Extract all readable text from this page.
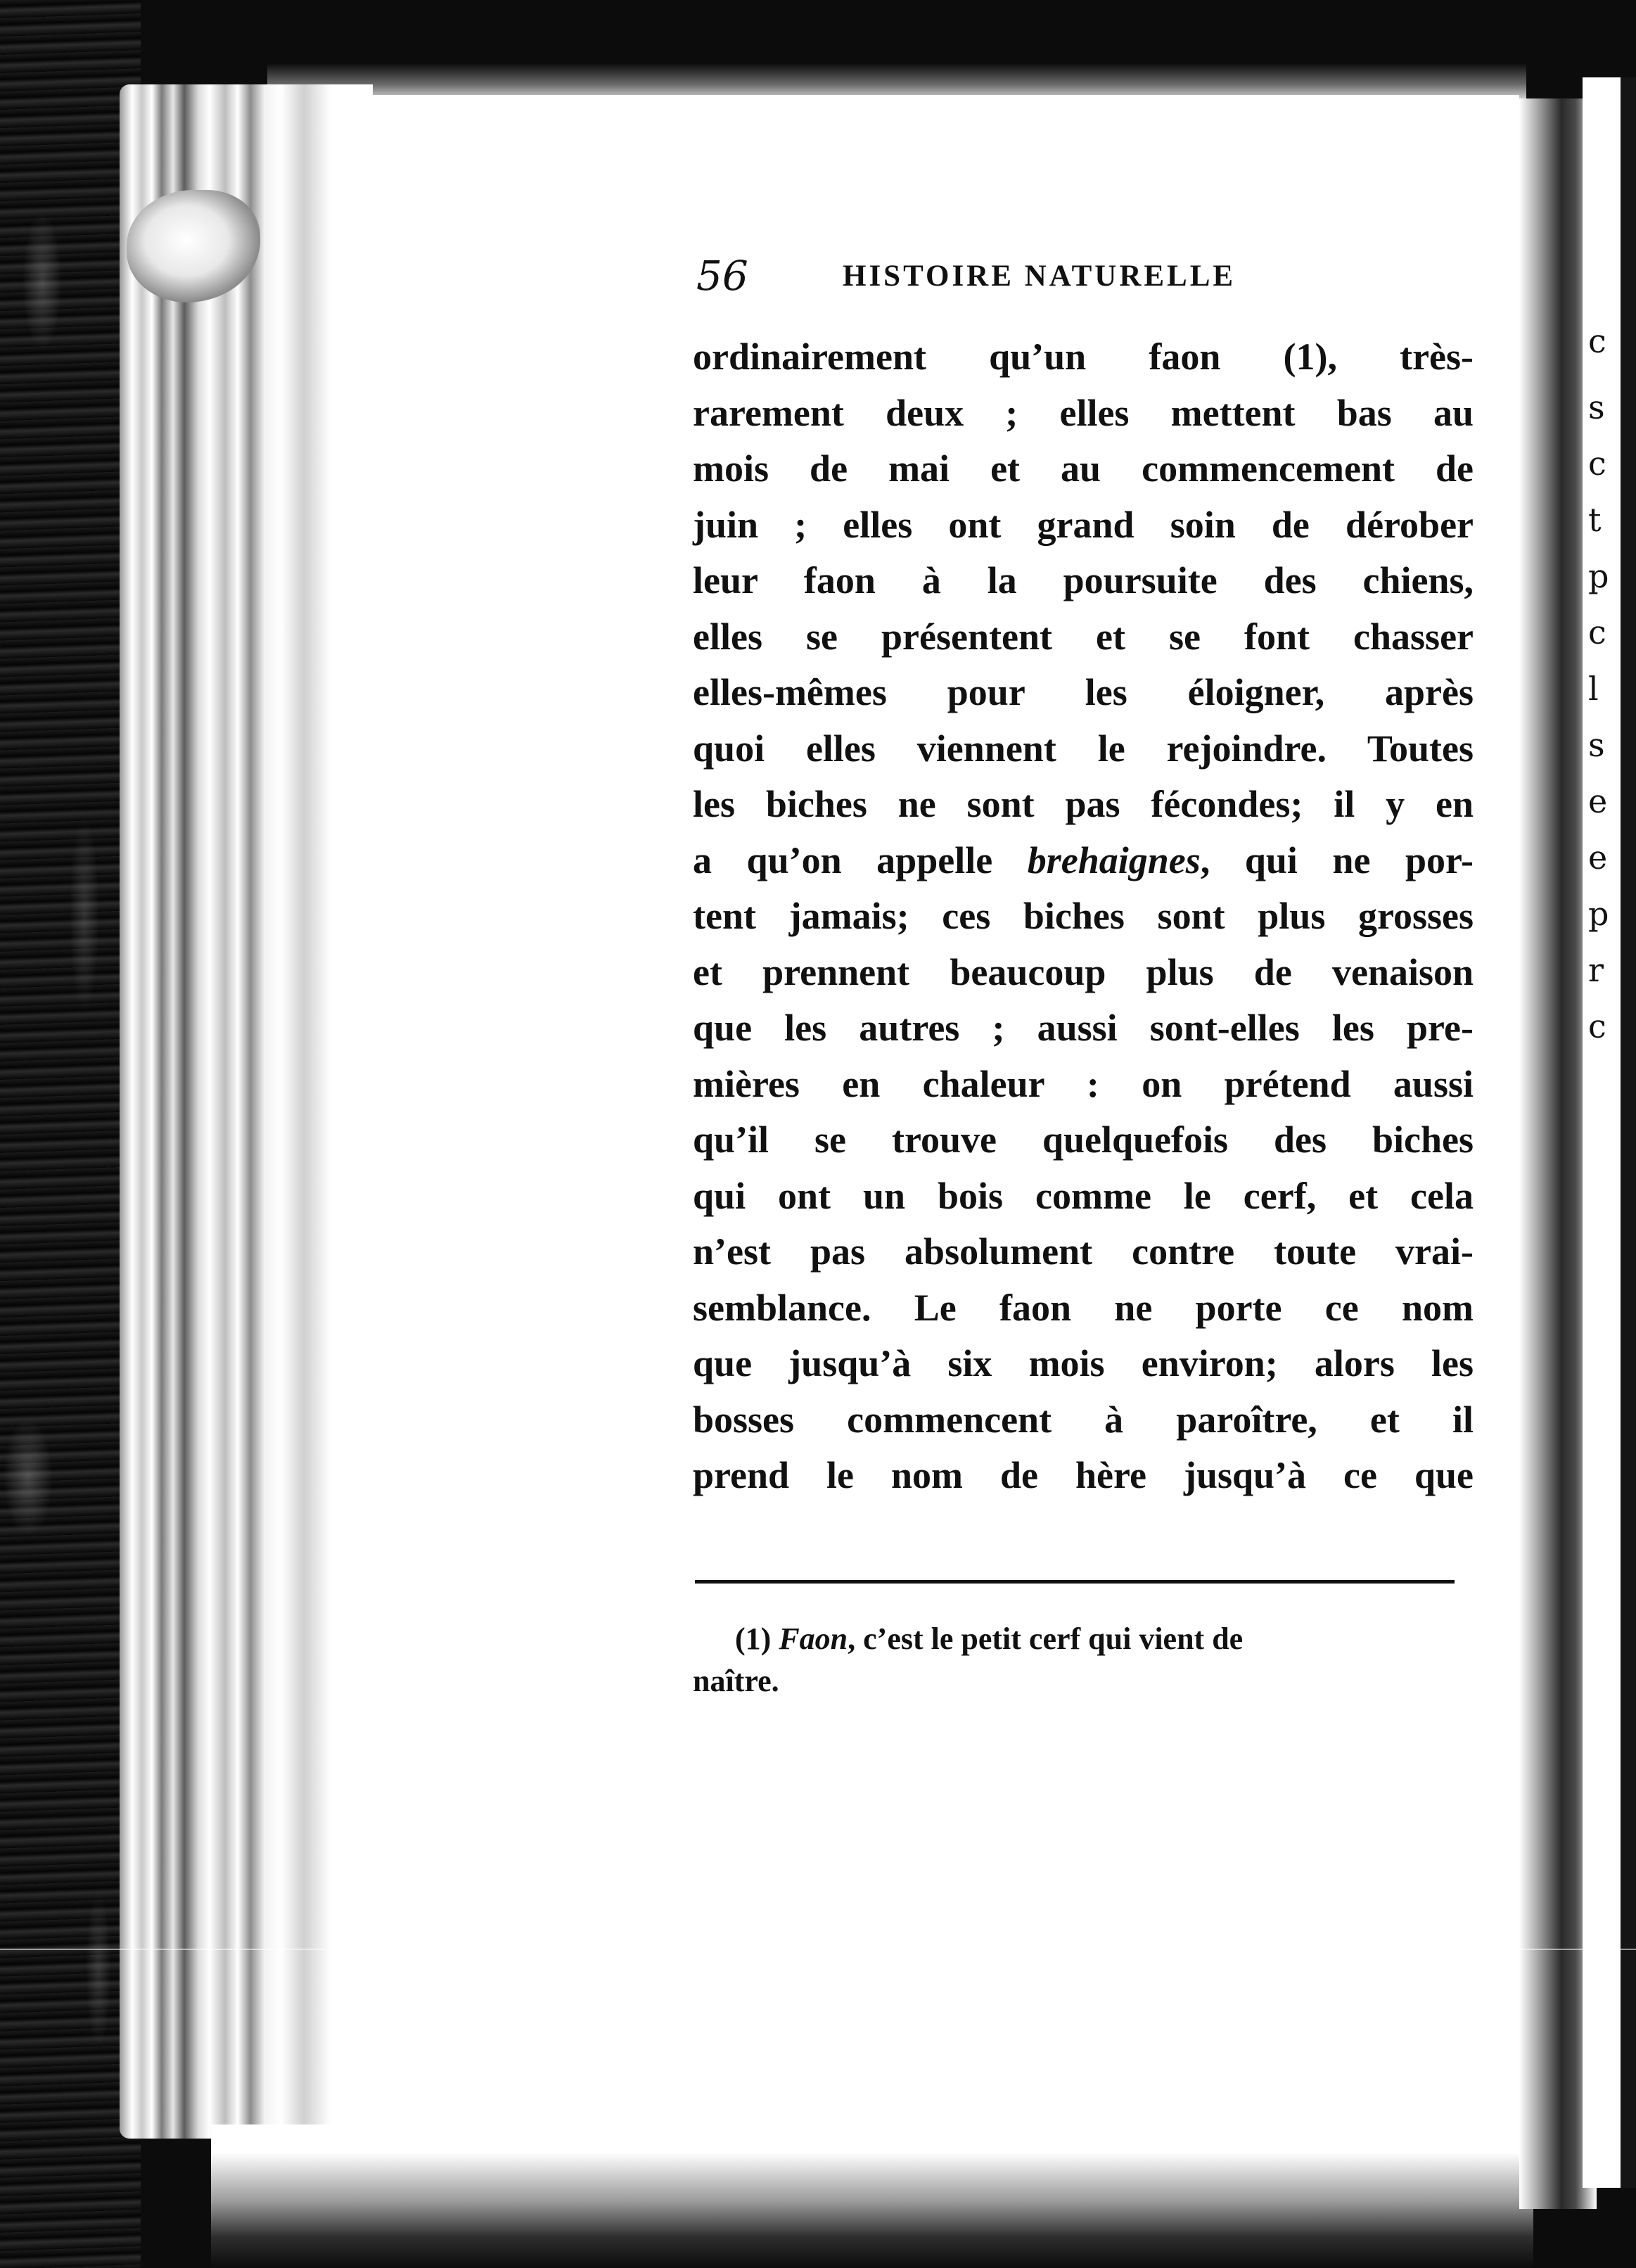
c
s
c
t
p
c
l
s
e
e
p
r
c
56	HISTOIRE NATURELLE
ordinairement qu’un faon (1), très-
rarement deux ; elles mettent bas au
mois de mai et au commencement de
juin ; elles ont grand soin de dérober
leur faon à la poursuite des chiens,
elles se présentent et se font chasser
elles-mêmes pour les éloigner, après
quoi elles viennent le rejoindre. Toutes
les biches ne sont pas fécondes; il y en
a qu’on appelle brehaignes, qui ne por-
tent jamais; ces biches sont plus grosses
et prennent beaucoup plus de venaison
que les autres ; aussi sont-elles les pre-
mières en chaleur : on prétend aussi
qu’il se trouve quelquefois des biches
qui ont un bois comme le cerf, et cela
n’est pas absolument contre toute vrai-
semblance. Le faon ne porte ce nom
que jusqu’à six mois environ; alors les
bosses commencent à paroître, et il
prend le nom de hère jusqu’à ce que
(1) Faon, c’est le petit cerf qui vient de
naître.
